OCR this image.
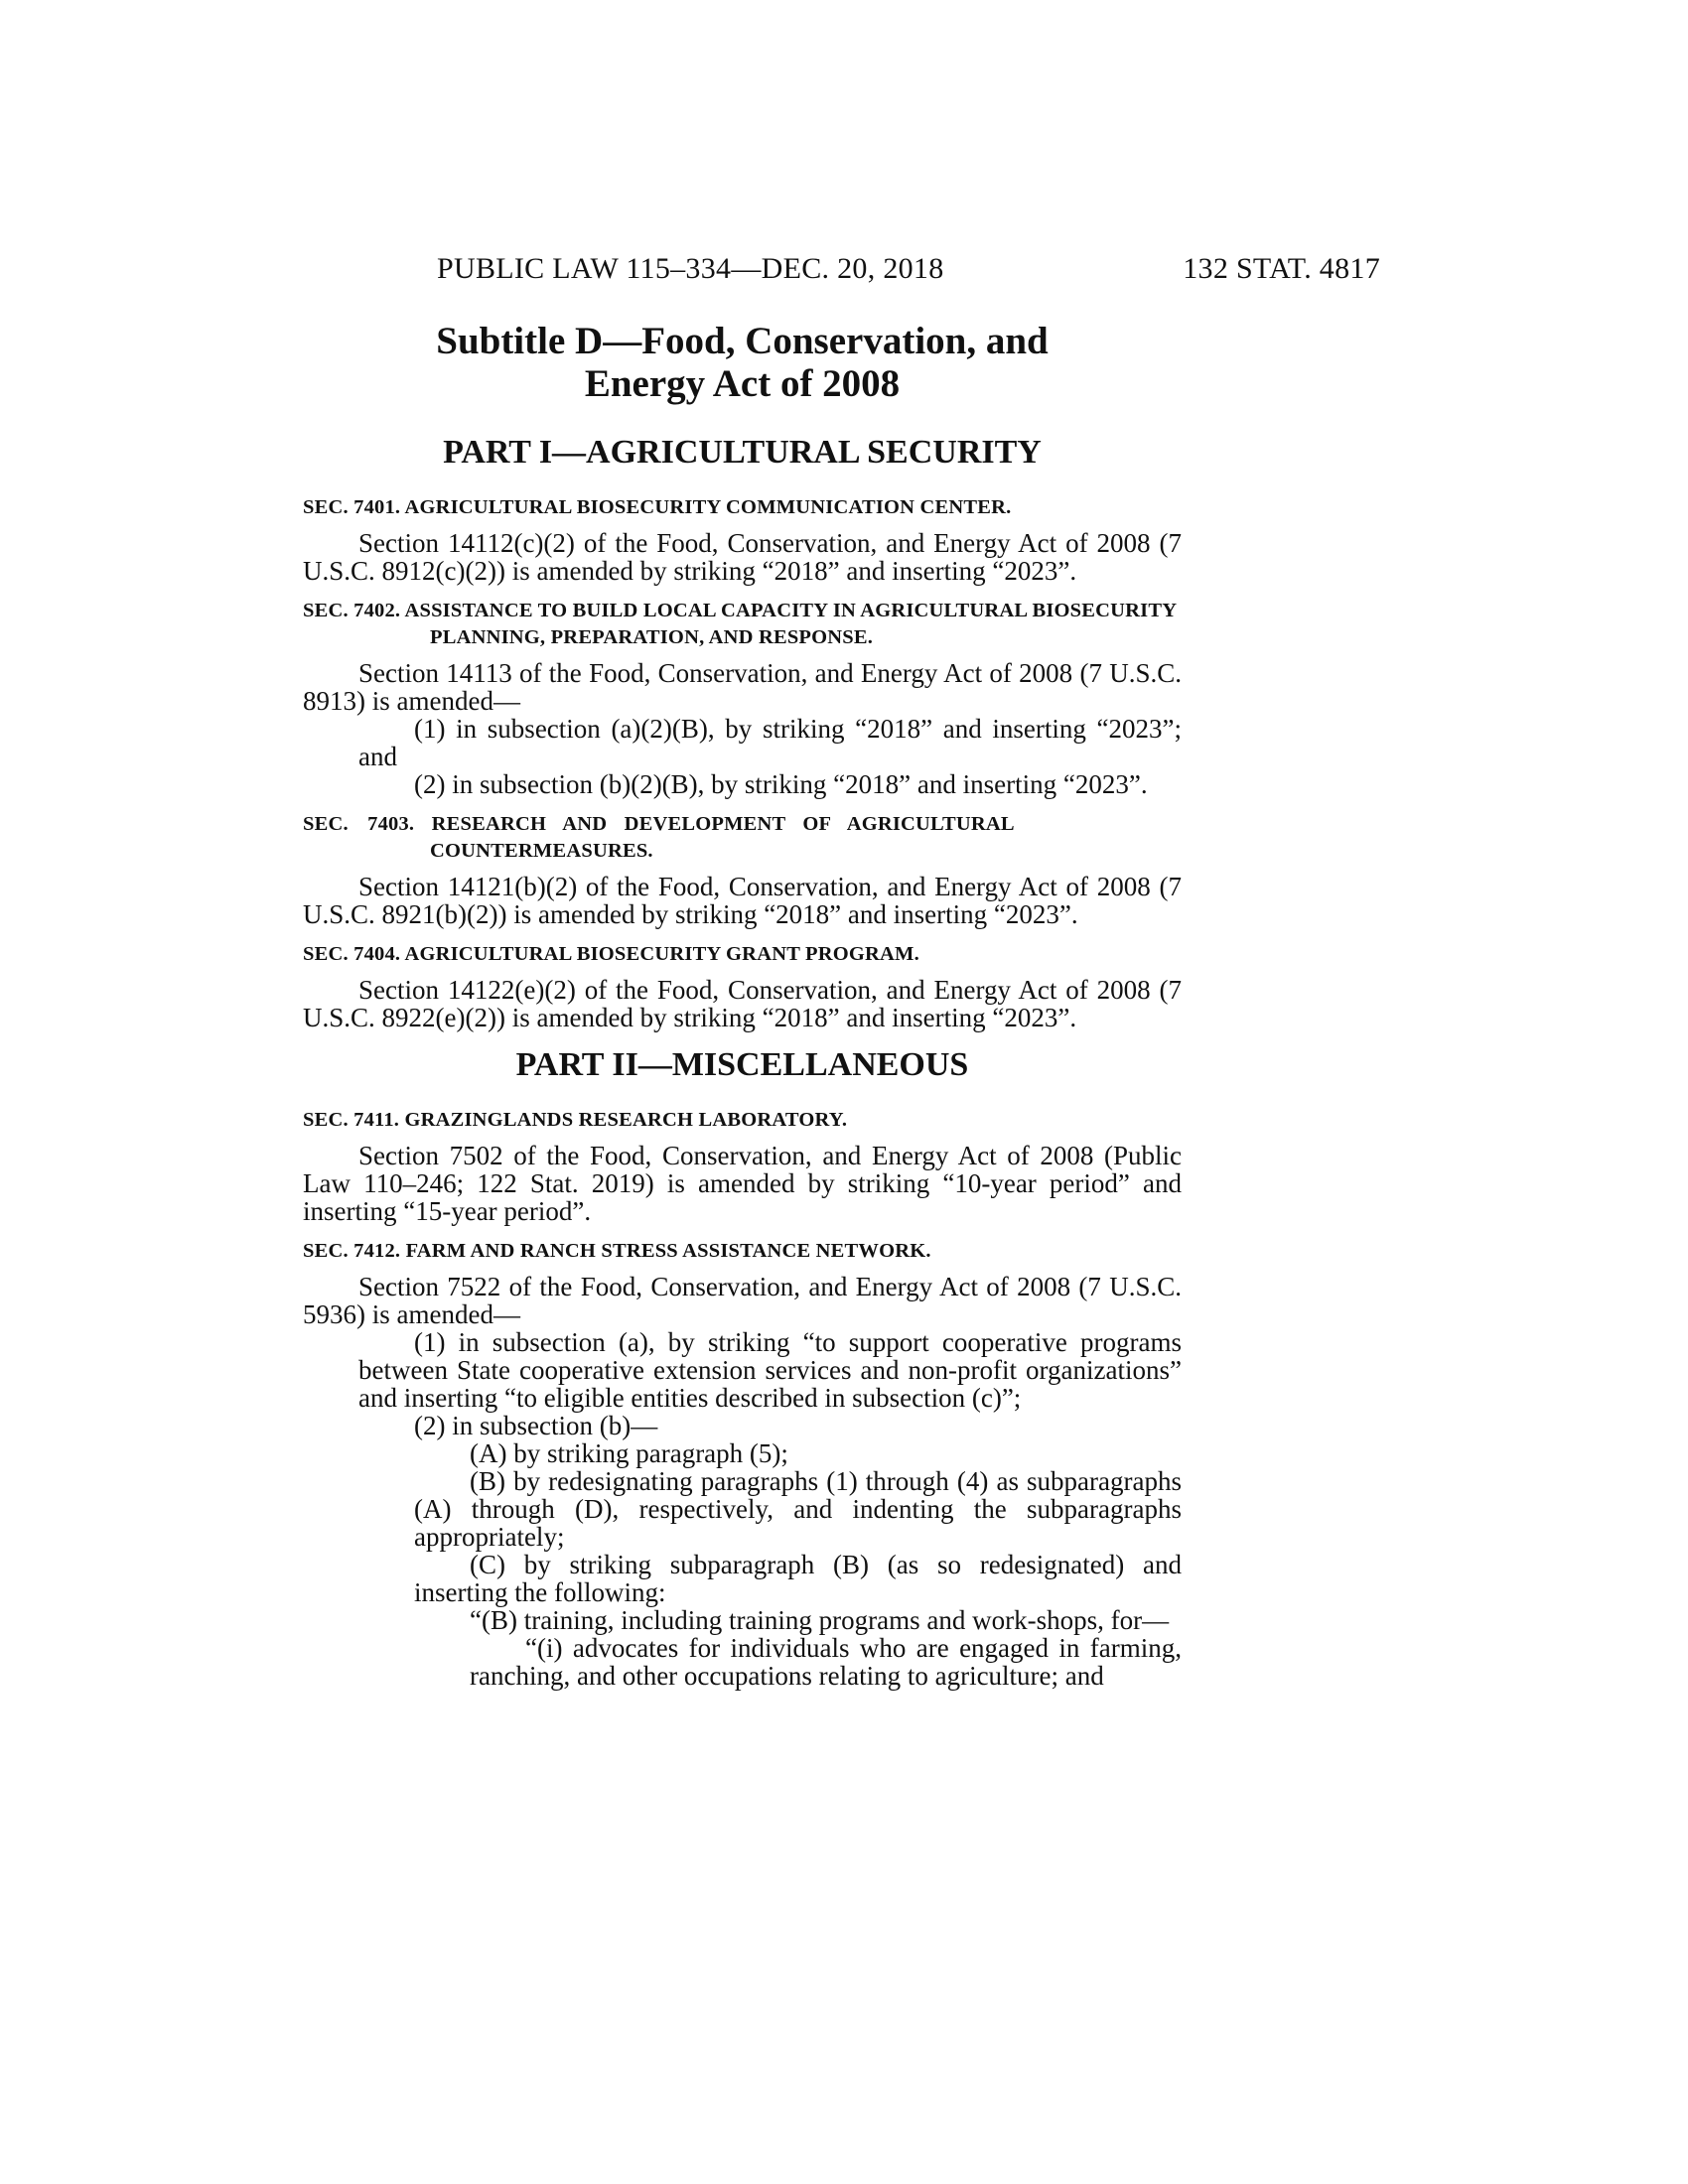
PUBLIC LAW 115–334—DEC. 20, 2018	132 STAT. 4817
Subtitle D—Food, Conservation, and
Energy Act of 2008
PART I—AGRICULTURAL SECURITY
SEC. 7401. AGRICULTURAL BIOSECURITY COMMUNICATION CENTER.

Section 14112(c)(2) of the Food, Conservation, and Energy Act of 2008 (7 U.S.C. 8912(c)(2)) is amended by striking “2018” and inserting “2023”.

SEC. 7402. ASSISTANCE TO BUILD LOCAL CAPACITY IN AGRICULTURAL BIOSECURITY PLANNING, PREPARATION, AND RESPONSE.

Section 14113 of the Food, Conservation, and Energy Act of 2008 (7 U.S.C. 8913) is amended—

(1) in subsection (a)(2)(B), by striking “2018” and inserting “2023”; and

(2) in subsection (b)(2)(B), by striking “2018” and inserting “2023”.

SEC. 7403. RESEARCH AND DEVELOPMENT OF AGRICULTURAL COUNTERMEASURES.

Section 14121(b)(2) of the Food, Conservation, and Energy Act of 2008 (7 U.S.C. 8921(b)(2)) is amended by striking “2018” and inserting “2023”.

SEC. 7404. AGRICULTURAL BIOSECURITY GRANT PROGRAM.

Section 14122(e)(2) of the Food, Conservation, and Energy Act of 2008 (7 U.S.C. 8922(e)(2)) is amended by striking “2018” and inserting “2023”.

PART II—MISCELLANEOUS
SEC. 7411. GRAZINGLANDS RESEARCH LABORATORY.

Section 7502 of the Food, Conservation, and Energy Act of 2008 (Public Law 110–246; 122 Stat. 2019) is amended by striking “10-year period” and inserting “15-year period”.

SEC. 7412. FARM AND RANCH STRESS ASSISTANCE NETWORK.

Section 7522 of the Food, Conservation, and Energy Act of 2008 (7 U.S.C. 5936) is amended—

(1) in subsection (a), by striking “to support cooperative programs between State cooperative extension services and non-profit organizations” and inserting “to eligible entities described in subsection (c)”;

(2) in subsection (b)—

(A) by striking paragraph (5);

(B) by redesignating paragraphs (1) through (4) as subparagraphs (A) through (D), respectively, and indenting the subparagraphs appropriately;

(C) by striking subparagraph (B) (as so redesignated) and inserting the following:

“(B) training, including training programs and work-shops, for—

“(i) advocates for individuals who are engaged in farming, ranching, and other occupations relating to agriculture; and
